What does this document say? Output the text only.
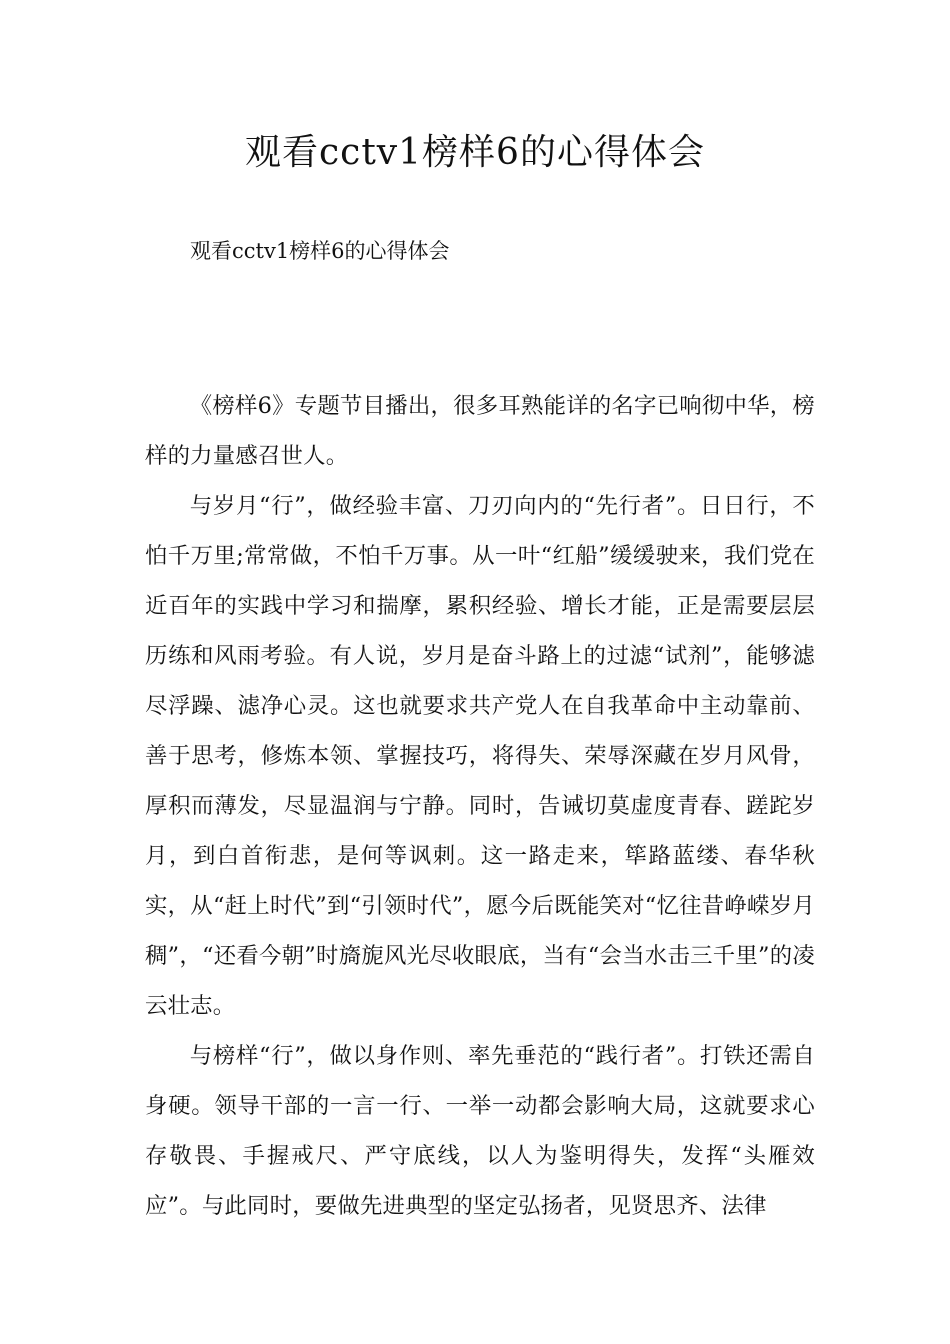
观看cctv1榜样6的心得体会

观看cctv1榜样6的心得体会

《榜样6》专题节目播出，很多耳熟能详的名字已响彻中华，榜样的力量感召世人。

与岁月“行”，做经验丰富、刀刃向内的“先行者”。日日行，不怕千万里;常常做，不怕千万事。从一叶“红船”缓缓驶来，我们党在近百年的实践中学习和揣摩，累积经验、增长才能，正是需要层层历练和风雨考验。有人说，岁月是奋斗路上的过滤“试剂”，能够滤尽浮躁、滤净心灵。这也就要求共产党人在自我革命中主动靠前、善于思考，修炼本领、掌握技巧，将得失、荣辱深藏在岁月风骨，厚积而薄发，尽显温润与宁静。同时，告诫切莫虚度青春、蹉跎岁月，到白首衔悲，是何等讽刺。这一路走来，筚路蓝缕、春华秋实，从“赶上时代”到“引领时代”，愿今后既能笑对“忆往昔峥嵘岁月稠”，“还看今朝”时旖旎风光尽收眼底，当有“会当水击三千里”的凌云壮志。

与榜样“行”，做以身作则、率先垂范的“践行者”。打铁还需自身硬。领导干部的一言一行、一举一动都会影响大局，这就要求心存敬畏、手握戒尺、严守底线，以人为鉴明得失，发挥“头雁效应”。与此同时，要做先进典型的坚定弘扬者，见贤思齐、法律
